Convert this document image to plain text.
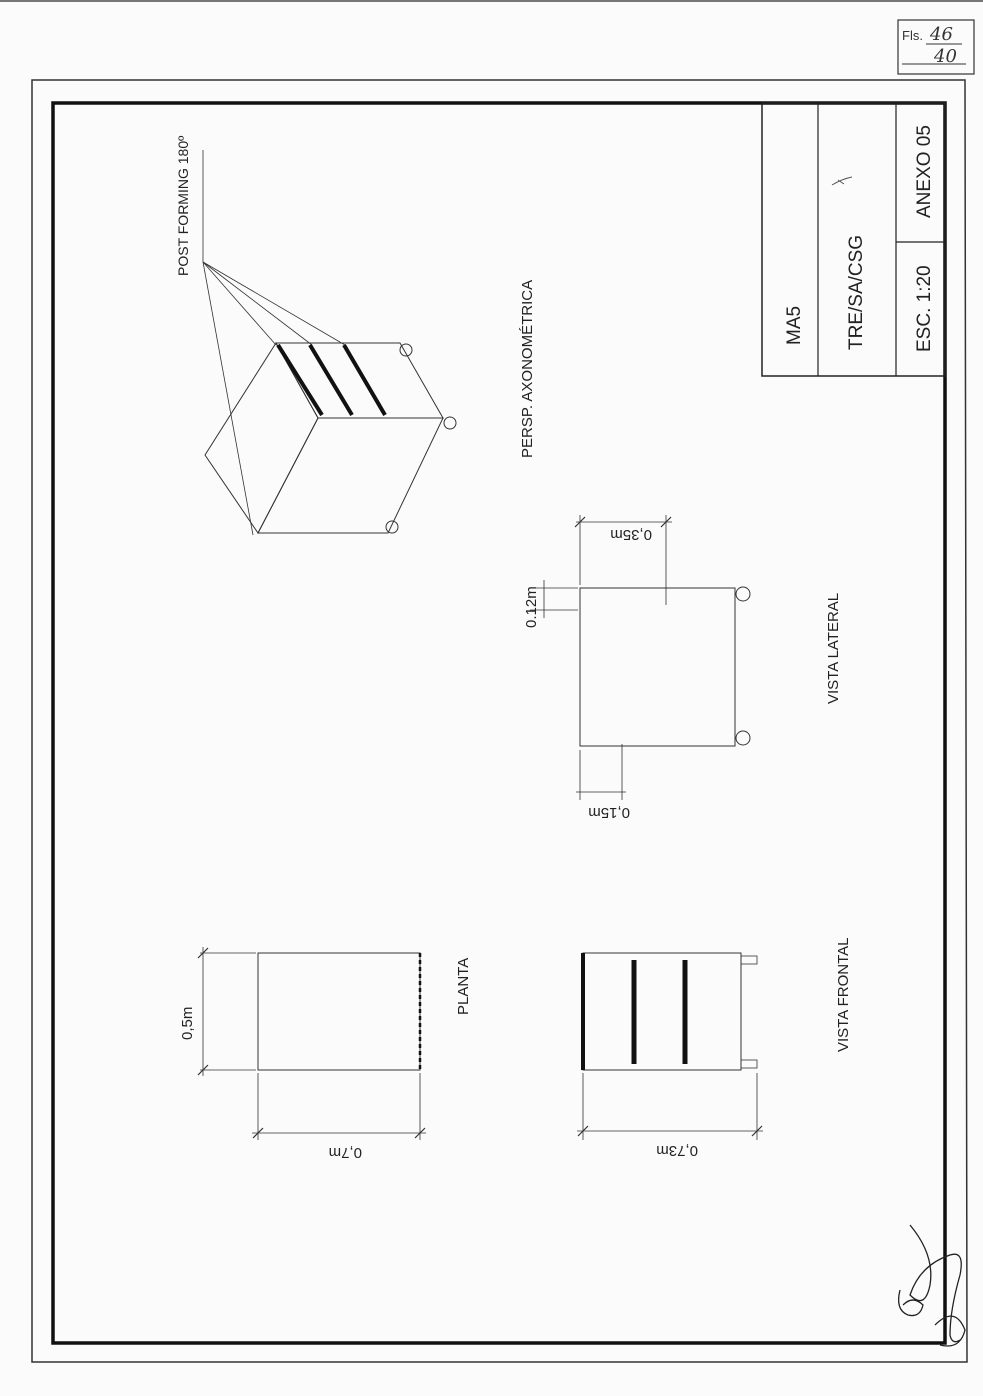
Fls. 46
40
MA5 TRE/SA/CSG ESC. 1:20
ANEXO 05
POST FORMING 180º
PERSP. AXONOMÉTRICA
0,35m
0.12m
0,15m
VISTA LATERAL
0,5m
0,7m
PLANTA
0,73m
VISTA FRONTAL
